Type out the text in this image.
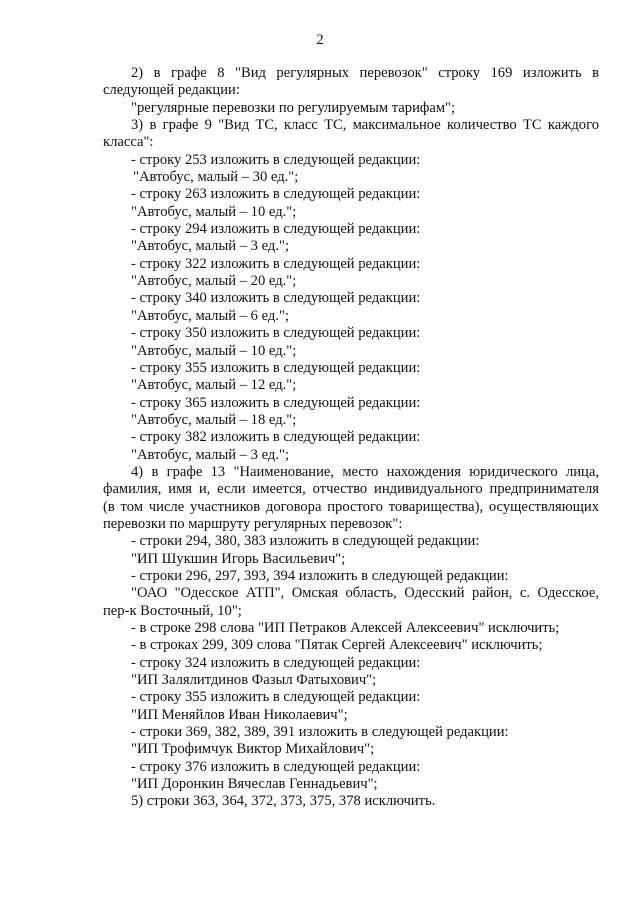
2
2) в графе 8 "Вид регулярных перевозок" строку 169 изложить в
следующей редакции:
"регулярные перевозки по регулируемым тарифам";
3) в графе 9 "Вид ТС, класс ТС, максимальное количество ТС каждого
класса":
- строку 253 изложить в следующей редакции:
"Автобус, малый – 30 ед.";
- строку 263 изложить в следующей редакции:
"Автобус, малый – 10 ед.";
- строку 294 изложить в следующей редакции:
"Автобус, малый – 3 ед.";
- строку 322 изложить в следующей редакции:
"Автобус, малый – 20 ед.";
- строку 340 изложить в следующей редакции:
"Автобус, малый – 6 ед.";
- строку 350 изложить в следующей редакции:
"Автобус, малый – 10 ед.";
- строку 355 изложить в следующей редакции:
"Автобус, малый – 12 ед.";
- строку 365 изложить в следующей редакции:
"Автобус, малый – 18 ед.";
- строку 382 изложить в следующей редакции:
"Автобус, малый – 3 ед.";
4) в графе 13 "Наименование, место нахождения юридического лица,
фамилия, имя и, если имеется, отчество индивидуального предпринимателя
(в том числе участников договора простого товарищества), осуществляющих
перевозки по маршруту регулярных перевозок":
- строки 294, 380, 383 изложить в следующей редакции:
"ИП Шукшин Игорь Васильевич";
- строки 296, 297, 393, 394 изложить в следующей редакции:
"ОАО "Одесское АТП", Омская область, Одесский район, с. Одесское,
пер-к Восточный, 10";
- в строке 298 слова "ИП Петраков Алексей Алексеевич" исключить;
- в строках 299, 309 слова "Пятак Сергей Алексеевич" исключить;
- строку 324 изложить в следующей редакции:
"ИП Залялитдинов Фазыл Фатыхович";
- строку 355 изложить в следующей редакции:
"ИП Меняйлов Иван Николаевич";
- строки 369, 382, 389, 391 изложить в следующей редакции:
"ИП Трофимчук Виктор Михайлович";
- строку 376 изложить в следующей редакции:
"ИП Доронкин Вячеслав Геннадьевич";
5) строки 363, 364, 372, 373, 375, 378 исключить.
